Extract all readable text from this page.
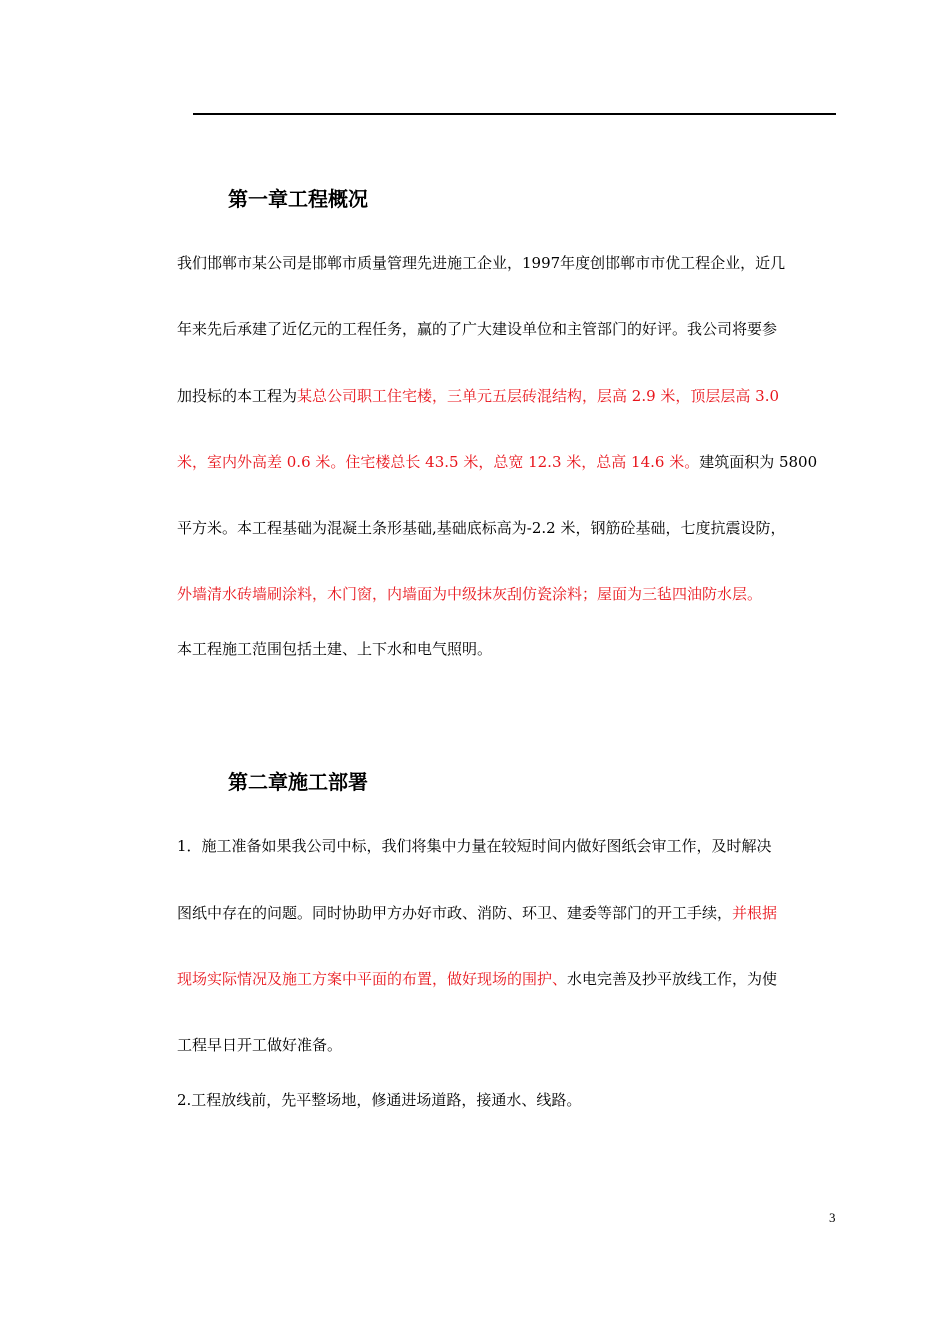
第一章工程概况
我们邯郸市某公司是邯郸市质量管理先进施工企业，1997年度创邯郸市市优工程企业，近几
年来先后承建了近亿元的工程任务，赢的了广大建设单位和主管部门的好评。我公司将要参
加投标的本工程为某总公司职工住宅楼，三单元五层砖混结构，层高 2.9 米，顶层层高 3.0
米，室内外高差 0.6 米。住宅楼总长 43.5 米，总宽 12.3 米，总高 14.6 米。建筑面积为 5800
平方米。本工程基础为混凝土条形基础,基础底标高为-2.2 米，钢筋砼基础，七度抗震设防，
外墙清水砖墙刷涂料，木门窗，内墙面为中级抹灰刮仿瓷涂料；屋面为三毡四油防水层。
本工程施工范围包括土建、上下水和电气照明。
第二章施工部署
1．施工准备如果我公司中标，我们将集中力量在较短时间内做好图纸会审工作，及时解决
图纸中存在的问题。同时协助甲方办好市政、消防、环卫、建委等部门的开工手续，并根据
现场实际情况及施工方案中平面的布置，做好现场的围护、水电完善及抄平放线工作，为使
工程早日开工做好准备。
2.工程放线前，先平整场地，修通进场道路，接通水、线路。
3
